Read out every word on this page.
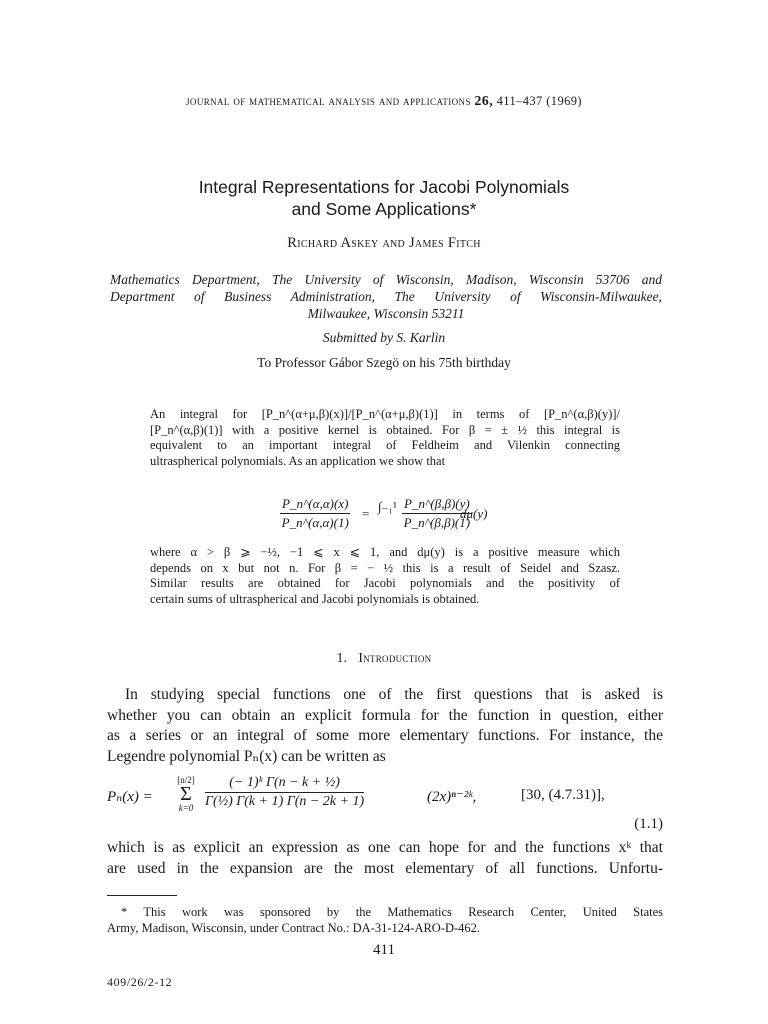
journal of mathematical analysis and applications 26, 411–437 (1969)
Integral Representations for Jacobi Polynomials
and Some Applications*
Richard Askey and James Fitch
Mathematics Department, The University of Wisconsin, Madison, Wisconsin 53706 and
Department of Business Administration, The University of Wisconsin-Milwaukee,
Milwaukee, Wisconsin 53211
Submitted by S. Karlin
To Professor Gábor Szegö on his 75th birthday
An integral for [P_n^(α+μ,β)(x)]/[P_n^(α+μ,β)(1)] in terms of [P_n^(α,β)(y)]/
[P_n^(α,β)(1)] with a positive kernel is obtained. For β = ± ½ this integral is
equivalent to an important integral of Feldheim and Vilenkin connecting
ultraspherical polynomials. As an application we show that
$\frac{P\_n\^{}(\alpha,\alpha)(x)}{P\_n\^{}(\alpha,\alpha)(1)} = \int_{-1}^1 \frac{P\_n\^{}(\beta,\beta)(y)}{P\_n\^{}(\beta,\beta)(1)}$
dμ(y)
where α > β ⩾ −½, −1 ⩽ x ⩽ 1, and dμ(y) is a positive measure which
depends on x but not n. For β = − ½ this is a result of Seidel and Szasz.
Similar results are obtained for Jacobi polynomials and the positivity of
certain sums of ultraspherical and Jacobi polynomials is obtained.
1. Introduction
In studying special functions one of the first questions that is asked is
whether you can obtain an explicit formula for the function in question, either
as a series or an integral of some more elementary functions. For instance, the
Legendre polynomial Pₙ(x) can be written as
Pₙ(x) =
[n/2]
Σ
$k=0 \frac{\text{(− 1)ᵏ Γ(n − k + ½)}}{\text{Γ(½) Γ(k + 1) Γ(n − 2k + 1)}}$	(2x)ⁿ⁻²ᵏ,	[30, (4.7.31)],
(1.1)
which is as explicit an expression as one can hope for and the functions xᵏ that
are used in the expansion are the most elementary of all functions. Unfortu-
* This work was sponsored by the Mathematics Research Center, United States
Army, Madison, Wisconsin, under Contract No.: DA-31-124-ARO-D-462.
411
409/26/2-12
